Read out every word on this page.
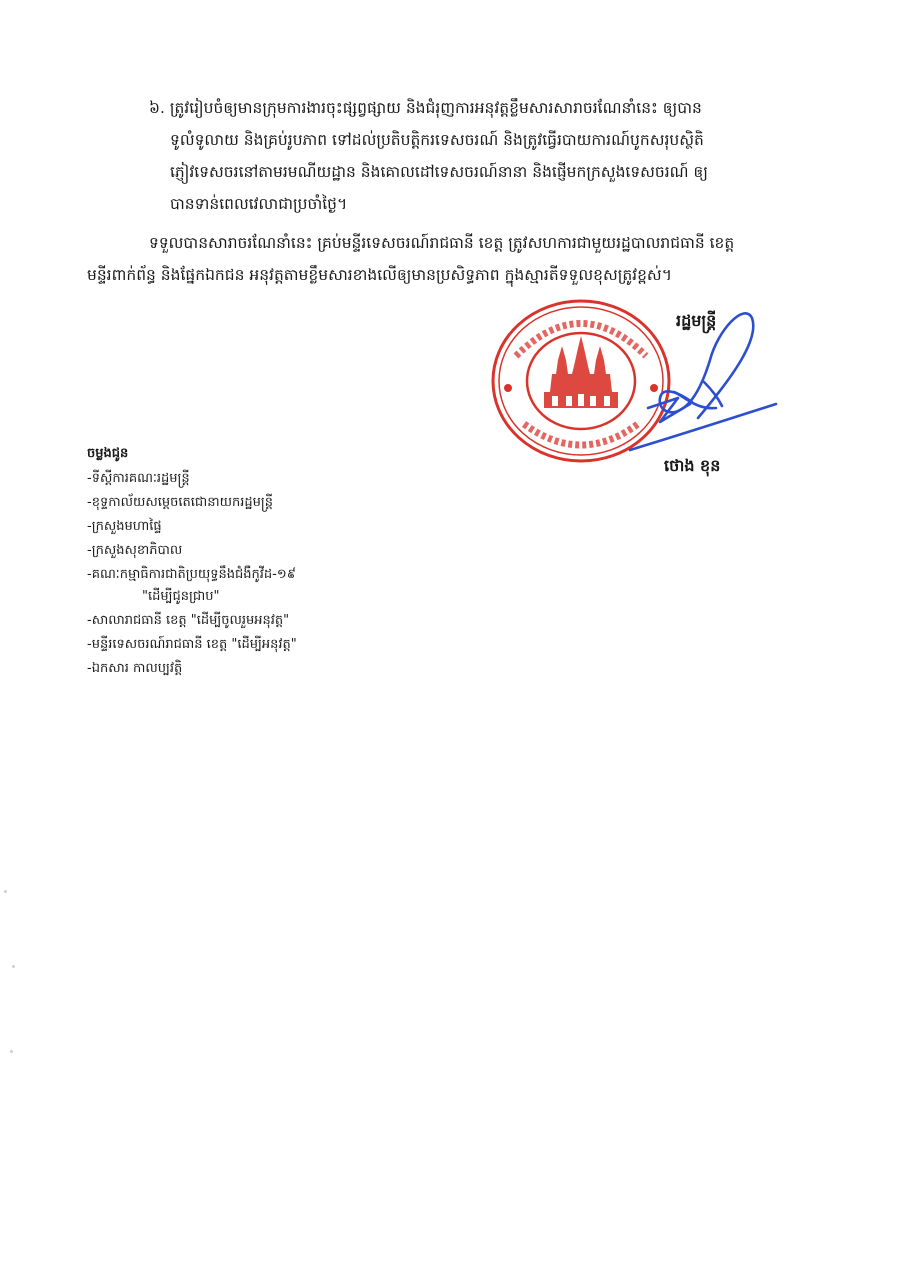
៦. ត្រូវរៀបចំឲ្យមានក្រុមការងារចុះផ្សព្វផ្សាយ និងជំរុញការអនុវត្តខ្លឹមសារសារាចរណែនាំនេះ ឲ្យបាន
ទូលំទូលាយ និងគ្រប់រូបភាព ទៅដល់ប្រតិបត្តិករទេសចរណ៍ និងត្រូវធ្វើរបាយការណ៍បូកសរុបស្ថិតិ
ភ្ញៀវទេសចរនៅតាមរមណីយដ្ឋាន និងគោលដៅទេសចរណ៍នានា និងផ្ញើមកក្រសួងទេសចរណ៍ ឲ្យ
បានទាន់ពេលវេលាជាប្រចាំថ្ងៃ។
ទទួលបានសារាចរណែនាំនេះ គ្រប់មន្ទីរទេសចរណ៍រាជធានី ខេត្ត ត្រូវសហការជាមួយរដ្ឋបាលរាជធានី ខេត្ត
មន្ទីរពាក់ព័ន្ធ និងផ្នែកឯកជន អនុវត្តតាមខ្លឹមសារខាងលើឲ្យមានប្រសិទ្ធភាព ក្នុងស្មារតីទទួលខុសត្រូវខ្ពស់។
រដ្ឋមន្ត្រី
ថោង ខុន
ចម្លងជូន
-ទីស្តីការគណៈរដ្ឋមន្ត្រី
-ខុទ្ទកាល័យសម្តេចតេជោនាយករដ្ឋមន្ត្រី
-ក្រសួងមហាផ្ទៃ
-ក្រសួងសុខាភិបាល
-គណៈកម្មាធិការជាតិប្រយុទ្ធនឹងជំងឺកូវីដ-១៩
"ដើម្បីជូនជ្រាប"
-សាលារាជធានី ខេត្ត "ដើម្បីចូលរួមអនុវត្ត"
-មន្ទីរទេសចរណ៍រាជធានី ខេត្ត "ដើម្បីអនុវត្ត"
-ឯកសារ កាលប្បវត្តិ
